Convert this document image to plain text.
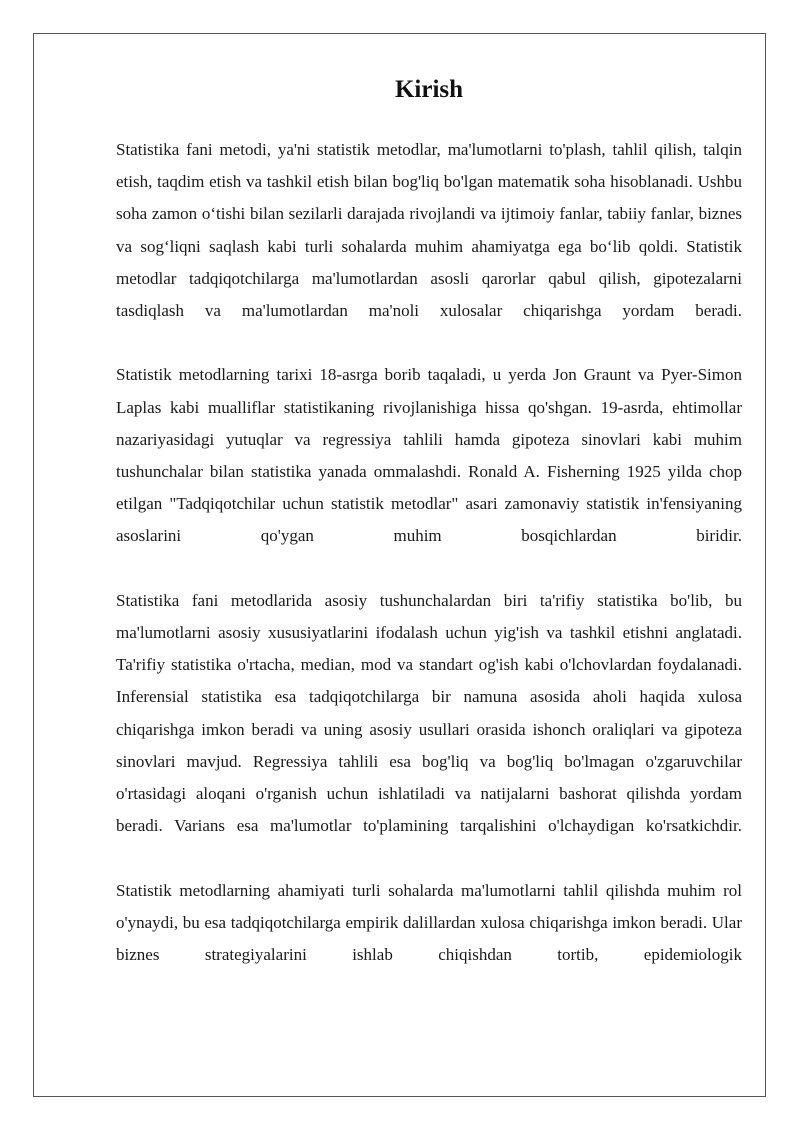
Kirish

Statistika fani metodi, ya'ni statistik metodlar, ma'lumotlarni to'plash, tahlil qilish, talqin etish, taqdim etish va tashkil etish bilan bog'liq bo'lgan matematik soha hisoblanadi. Ushbu soha zamon o‘tishi bilan sezilarli darajada rivojlandi va ijtimoiy fanlar, tabiiy fanlar, biznes va sog‘liqni saqlash kabi turli sohalarda muhim ahamiyatga ega bo‘lib qoldi. Statistik metodlar tadqiqotchilarga ma'lumotlardan asosli qarorlar qabul qilish, gipotezalarni tasdiqlash va ma'lumotlardan ma'noli xulosalar chiqarishga yordam beradi.

Statistik metodlarning tarixi 18-asrga borib taqaladi, u yerda Jon Graunt va Pyer-Simon Laplas kabi mualliflar statistikaning rivojlanishiga hissa qo'shgan. 19-asrda, ehtimollar nazariyasidagi yutuqlar va regressiya tahlili hamda gipoteza sinovlari kabi muhim tushunchalar bilan statistika yanada ommalashdi. Ronald A. Fisherning 1925 yilda chop etilgan "Tadqiqotchilar uchun statistik metodlar" asari zamonaviy statistik in'fensiyaning asoslarini qo'ygan muhim bosqichlardan biridir.

Statistika fani metodlarida asosiy tushunchalardan biri ta'rifiy statistika bo'lib, bu ma'lumotlarni asosiy xususiyatlarini ifodalash uchun yig'ish va tashkil etishni anglatadi. Ta'rifiy statistika o'rtacha, median, mod va standart og'ish kabi o'lchovlardan foydalanadi. Inferensial statistika esa tadqiqotchilarga bir namuna asosida aholi haqida xulosa chiqarishga imkon beradi va uning asosiy usullari orasida ishonch oraliqlari va gipoteza sinovlari mavjud. Regressiya tahlili esa bog'liq va bog'liq bo'lmagan o'zgaruvchilar o'rtasidagi aloqani o'rganish uchun ishlatiladi va natijalarni bashorat qilishda yordam beradi. Varians esa ma'lumotlar to'plamining tarqalishini o'lchaydigan ko'rsatkichdir.

Statistik metodlarning ahamiyati turli sohalarda ma'lumotlarni tahlil qilishda muhim rol o'ynaydi, bu esa tadqiqotchilarga empirik dalillardan xulosa chiqarishga imkon beradi. Ular biznes strategiyalarini ishlab chiqishdan tortib, epidemiologik
